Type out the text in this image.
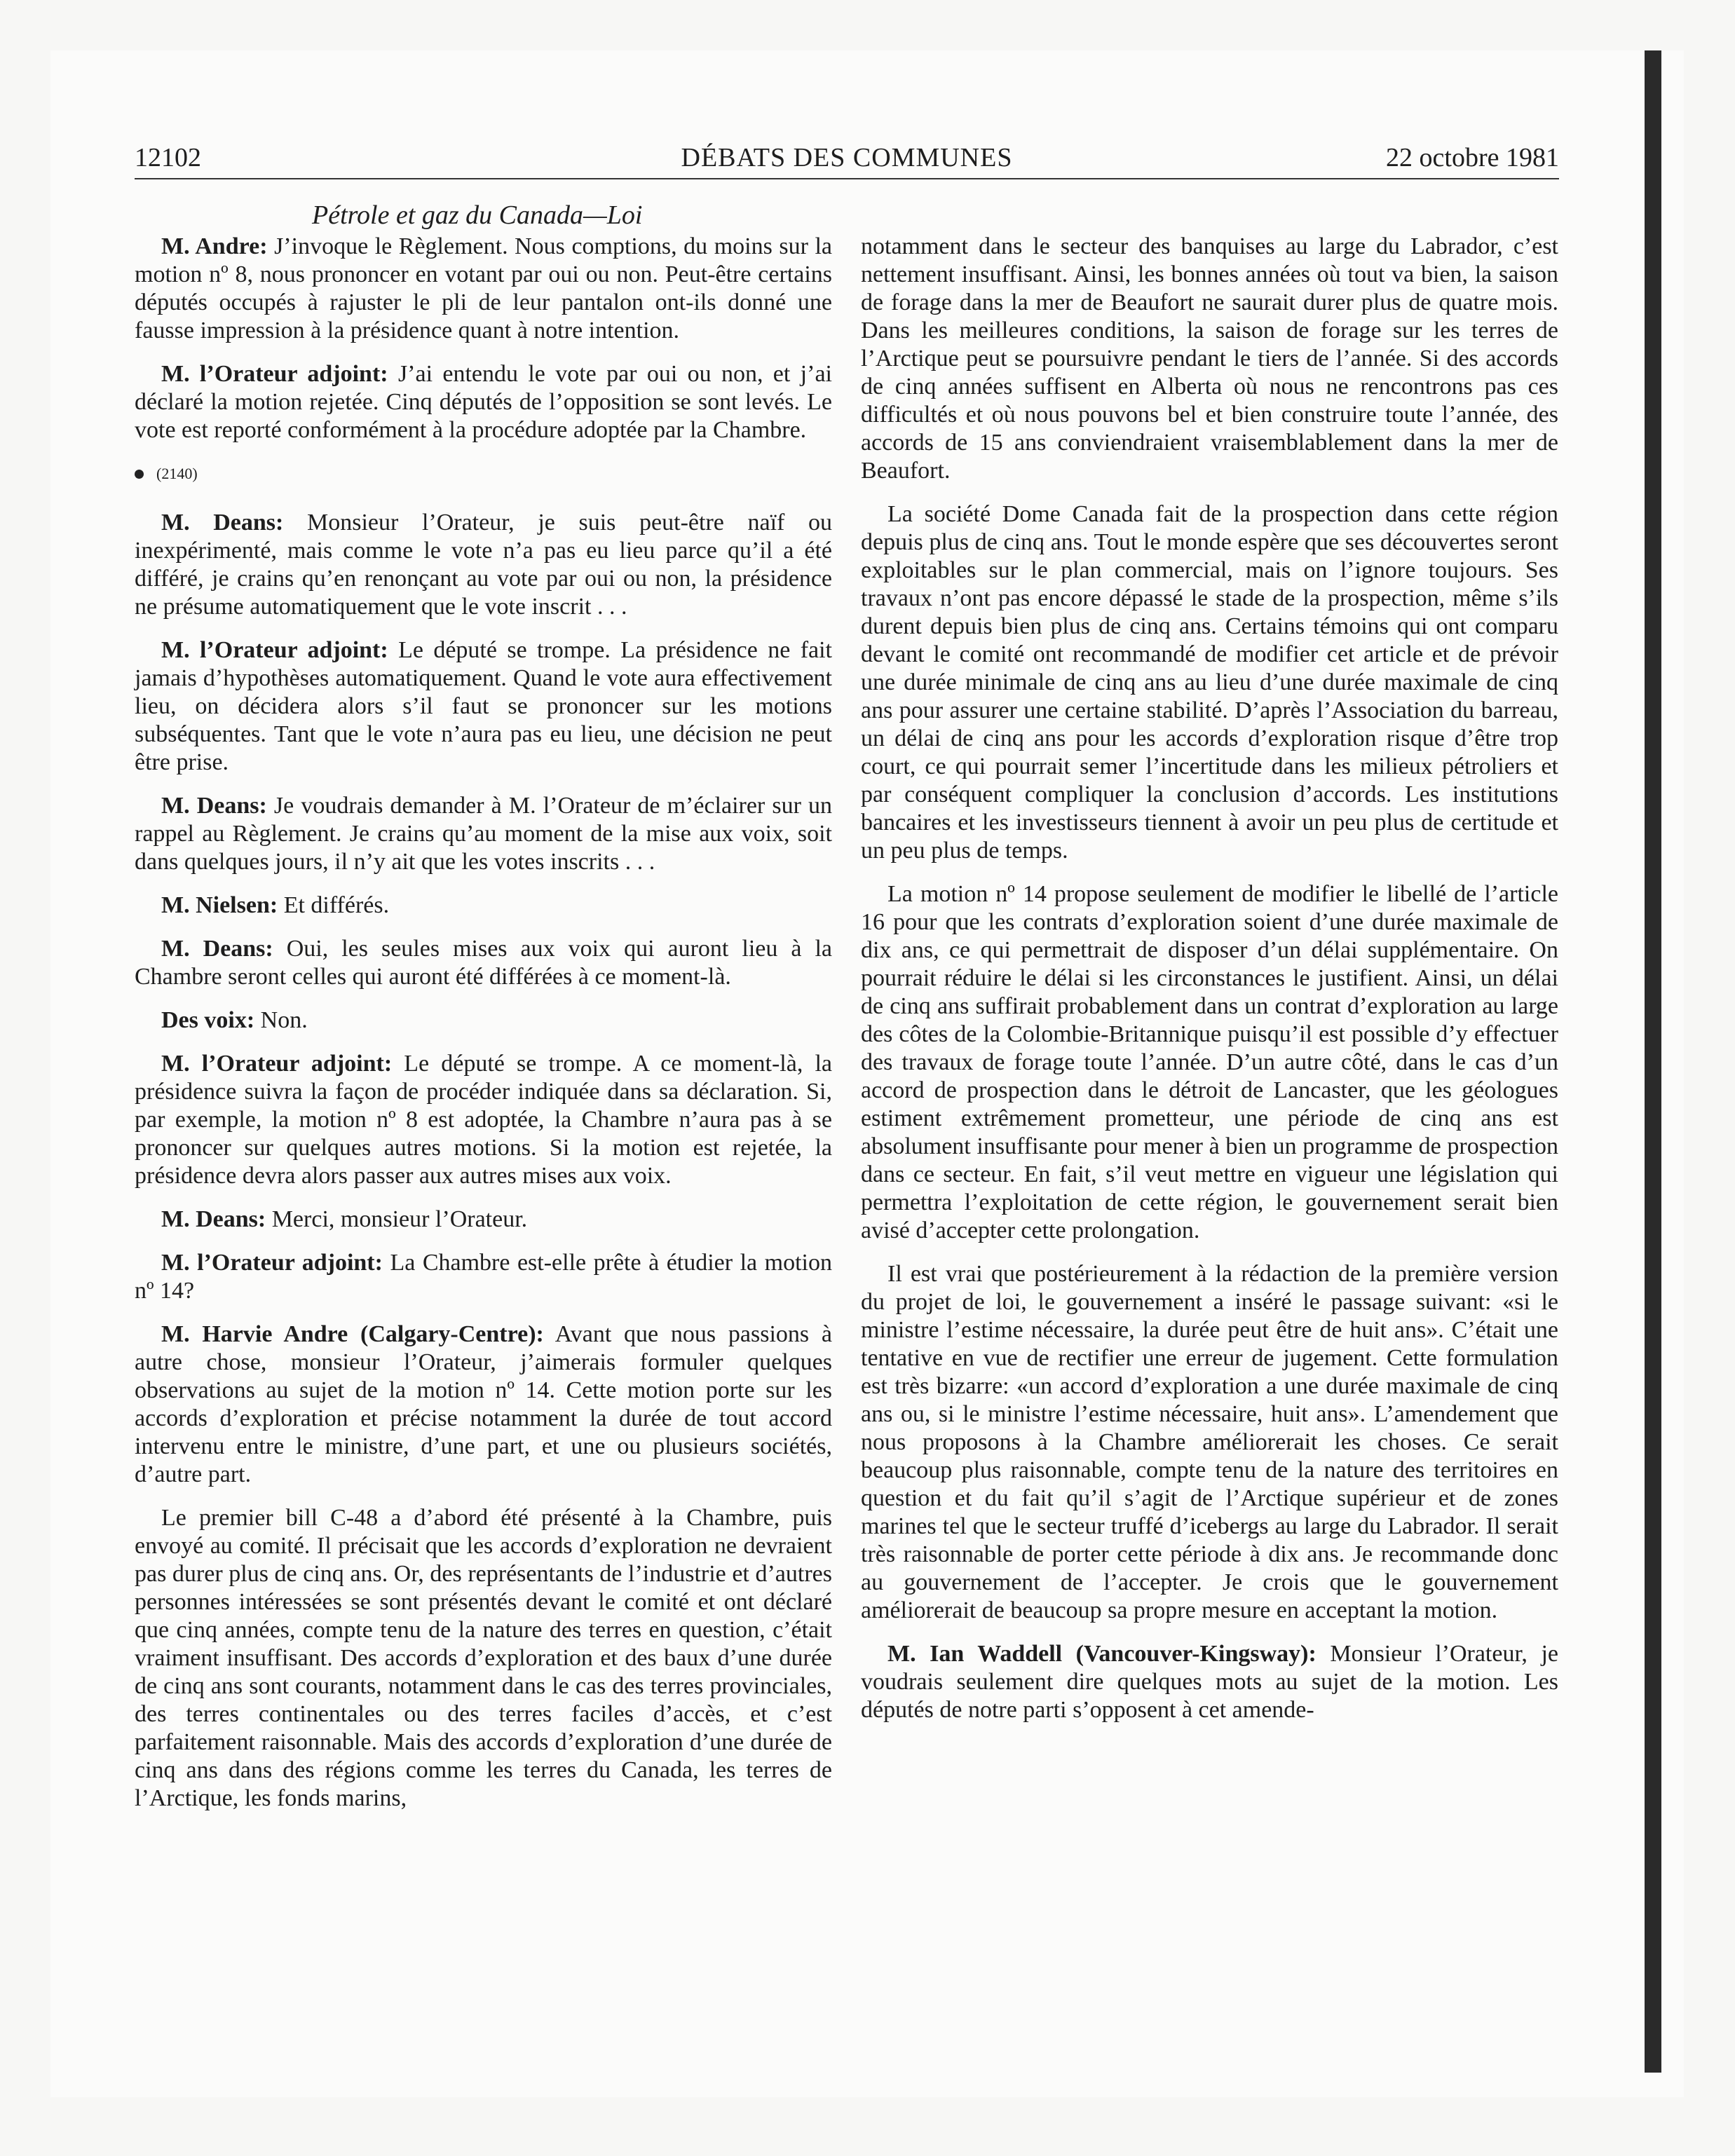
12102	DÉBATS DES COMMUNES	22 octobre 1981
Pétrole et gaz du Canada—Loi

M. Andre: J’invoque le Règlement. Nous comptions, du moins sur la motion nº 8, nous prononcer en votant par oui ou non. Peut-être certains députés occupés à rajuster le pli de leur pantalon ont-ils donné une fausse impression à la présidence quant à notre intention.

M. l’Orateur adjoint: J’ai entendu le vote par oui ou non, et j’ai déclaré la motion rejetée. Cinq députés de l’opposition se sont levés. Le vote est reporté conformément à la procédure adoptée par la Chambre.

(2140)

M. Deans: Monsieur l’Orateur, je suis peut-être naïf ou inexpérimenté, mais comme le vote n’a pas eu lieu parce qu’il a été différé, je crains qu’en renonçant au vote par oui ou non, la présidence ne présume automatiquement que le vote inscrit . . .

M. l’Orateur adjoint: Le député se trompe. La présidence ne fait jamais d’hypothèses automatiquement. Quand le vote aura effectivement lieu, on décidera alors s’il faut se prononcer sur les motions subséquentes. Tant que le vote n’aura pas eu lieu, une décision ne peut être prise.

M. Deans: Je voudrais demander à M. l’Orateur de m’éclairer sur un rappel au Règlement. Je crains qu’au moment de la mise aux voix, soit dans quelques jours, il n’y ait que les votes inscrits . . .

M. Nielsen: Et différés.

M. Deans: Oui, les seules mises aux voix qui auront lieu à la Chambre seront celles qui auront été différées à ce moment-là.

Des voix: Non.

M. l’Orateur adjoint: Le député se trompe. A ce moment-là, la présidence suivra la façon de procéder indiquée dans sa déclaration. Si, par exemple, la motion nº 8 est adoptée, la Chambre n’aura pas à se prononcer sur quelques autres motions. Si la motion est rejetée, la présidence devra alors passer aux autres mises aux voix.

M. Deans: Merci, monsieur l’Orateur.

M. l’Orateur adjoint: La Chambre est-elle prête à étudier la motion nº 14?

M. Harvie Andre (Calgary-Centre): Avant que nous passions à autre chose, monsieur l’Orateur, j’aimerais formuler quelques observations au sujet de la motion nº 14. Cette motion porte sur les accords d’exploration et précise notamment la durée de tout accord intervenu entre le ministre, d’une part, et une ou plusieurs sociétés, d’autre part.

Le premier bill C-48 a d’abord été présenté à la Chambre, puis envoyé au comité. Il précisait que les accords d’exploration ne devraient pas durer plus de cinq ans. Or, des représentants de l’industrie et d’autres personnes intéressées se sont présentés devant le comité et ont déclaré que cinq années, compte tenu de la nature des terres en question, c’était vraiment insuffisant. Des accords d’exploration et des baux d’une durée de cinq ans sont courants, notamment dans le cas des terres provinciales, des terres continentales ou des terres faciles d’accès, et c’est parfaitement raisonnable. Mais des accords d’exploration d’une durée de cinq ans dans des régions comme les terres du Canada, les terres de l’Arctique, les fonds marins,

notamment dans le secteur des banquises au large du Labrador, c’est nettement insuffisant. Ainsi, les bonnes années où tout va bien, la saison de forage dans la mer de Beaufort ne saurait durer plus de quatre mois. Dans les meilleures conditions, la saison de forage sur les terres de l’Arctique peut se poursuivre pendant le tiers de l’année. Si des accords de cinq années suffisent en Alberta où nous ne rencontrons pas ces difficultés et où nous pouvons bel et bien construire toute l’année, des accords de 15 ans conviendraient vraisemblablement dans la mer de Beaufort.

La société Dome Canada fait de la prospection dans cette région depuis plus de cinq ans. Tout le monde espère que ses découvertes seront exploitables sur le plan commercial, mais on l’ignore toujours. Ses travaux n’ont pas encore dépassé le stade de la prospection, même s’ils durent depuis bien plus de cinq ans. Certains témoins qui ont comparu devant le comité ont recommandé de modifier cet article et de prévoir une durée minimale de cinq ans au lieu d’une durée maximale de cinq ans pour assurer une certaine stabilité. D’après l’Association du barreau, un délai de cinq ans pour les accords d’exploration risque d’être trop court, ce qui pourrait semer l’incertitude dans les milieux pétroliers et par conséquent compliquer la conclusion d’accords. Les institutions bancaires et les investisseurs tiennent à avoir un peu plus de certitude et un peu plus de temps.

La motion nº 14 propose seulement de modifier le libellé de l’article 16 pour que les contrats d’exploration soient d’une durée maximale de dix ans, ce qui permettrait de disposer d’un délai supplémentaire. On pourrait réduire le délai si les circonstances le justifient. Ainsi, un délai de cinq ans suffirait probablement dans un contrat d’exploration au large des côtes de la Colombie-Britannique puisqu’il est possible d’y effectuer des travaux de forage toute l’année. D’un autre côté, dans le cas d’un accord de prospection dans le détroit de Lancaster, que les géologues estiment extrêmement prometteur, une période de cinq ans est absolument insuffisante pour mener à bien un programme de prospection dans ce secteur. En fait, s’il veut mettre en vigueur une législation qui permettra l’exploitation de cette région, le gouvernement serait bien avisé d’accepter cette prolongation.

Il est vrai que postérieurement à la rédaction de la première version du projet de loi, le gouvernement a inséré le passage suivant: «si le ministre l’estime nécessaire, la durée peut être de huit ans». C’était une tentative en vue de rectifier une erreur de jugement. Cette formulation est très bizarre: «un accord d’exploration a une durée maximale de cinq ans ou, si le ministre l’estime nécessaire, huit ans». L’amendement que nous proposons à la Chambre améliorerait les choses. Ce serait beaucoup plus raisonnable, compte tenu de la nature des territoires en question et du fait qu’il s’agit de l’Arctique supérieur et de zones marines tel que le secteur truffé d’icebergs au large du Labrador. Il serait très raisonnable de porter cette période à dix ans. Je recommande donc au gouvernement de l’accepter. Je crois que le gouvernement améliorerait de beaucoup sa propre mesure en acceptant la motion.

M. Ian Waddell (Vancouver-Kingsway): Monsieur l’Orateur, je voudrais seulement dire quelques mots au sujet de la motion. Les députés de notre parti s’opposent à cet amende-
